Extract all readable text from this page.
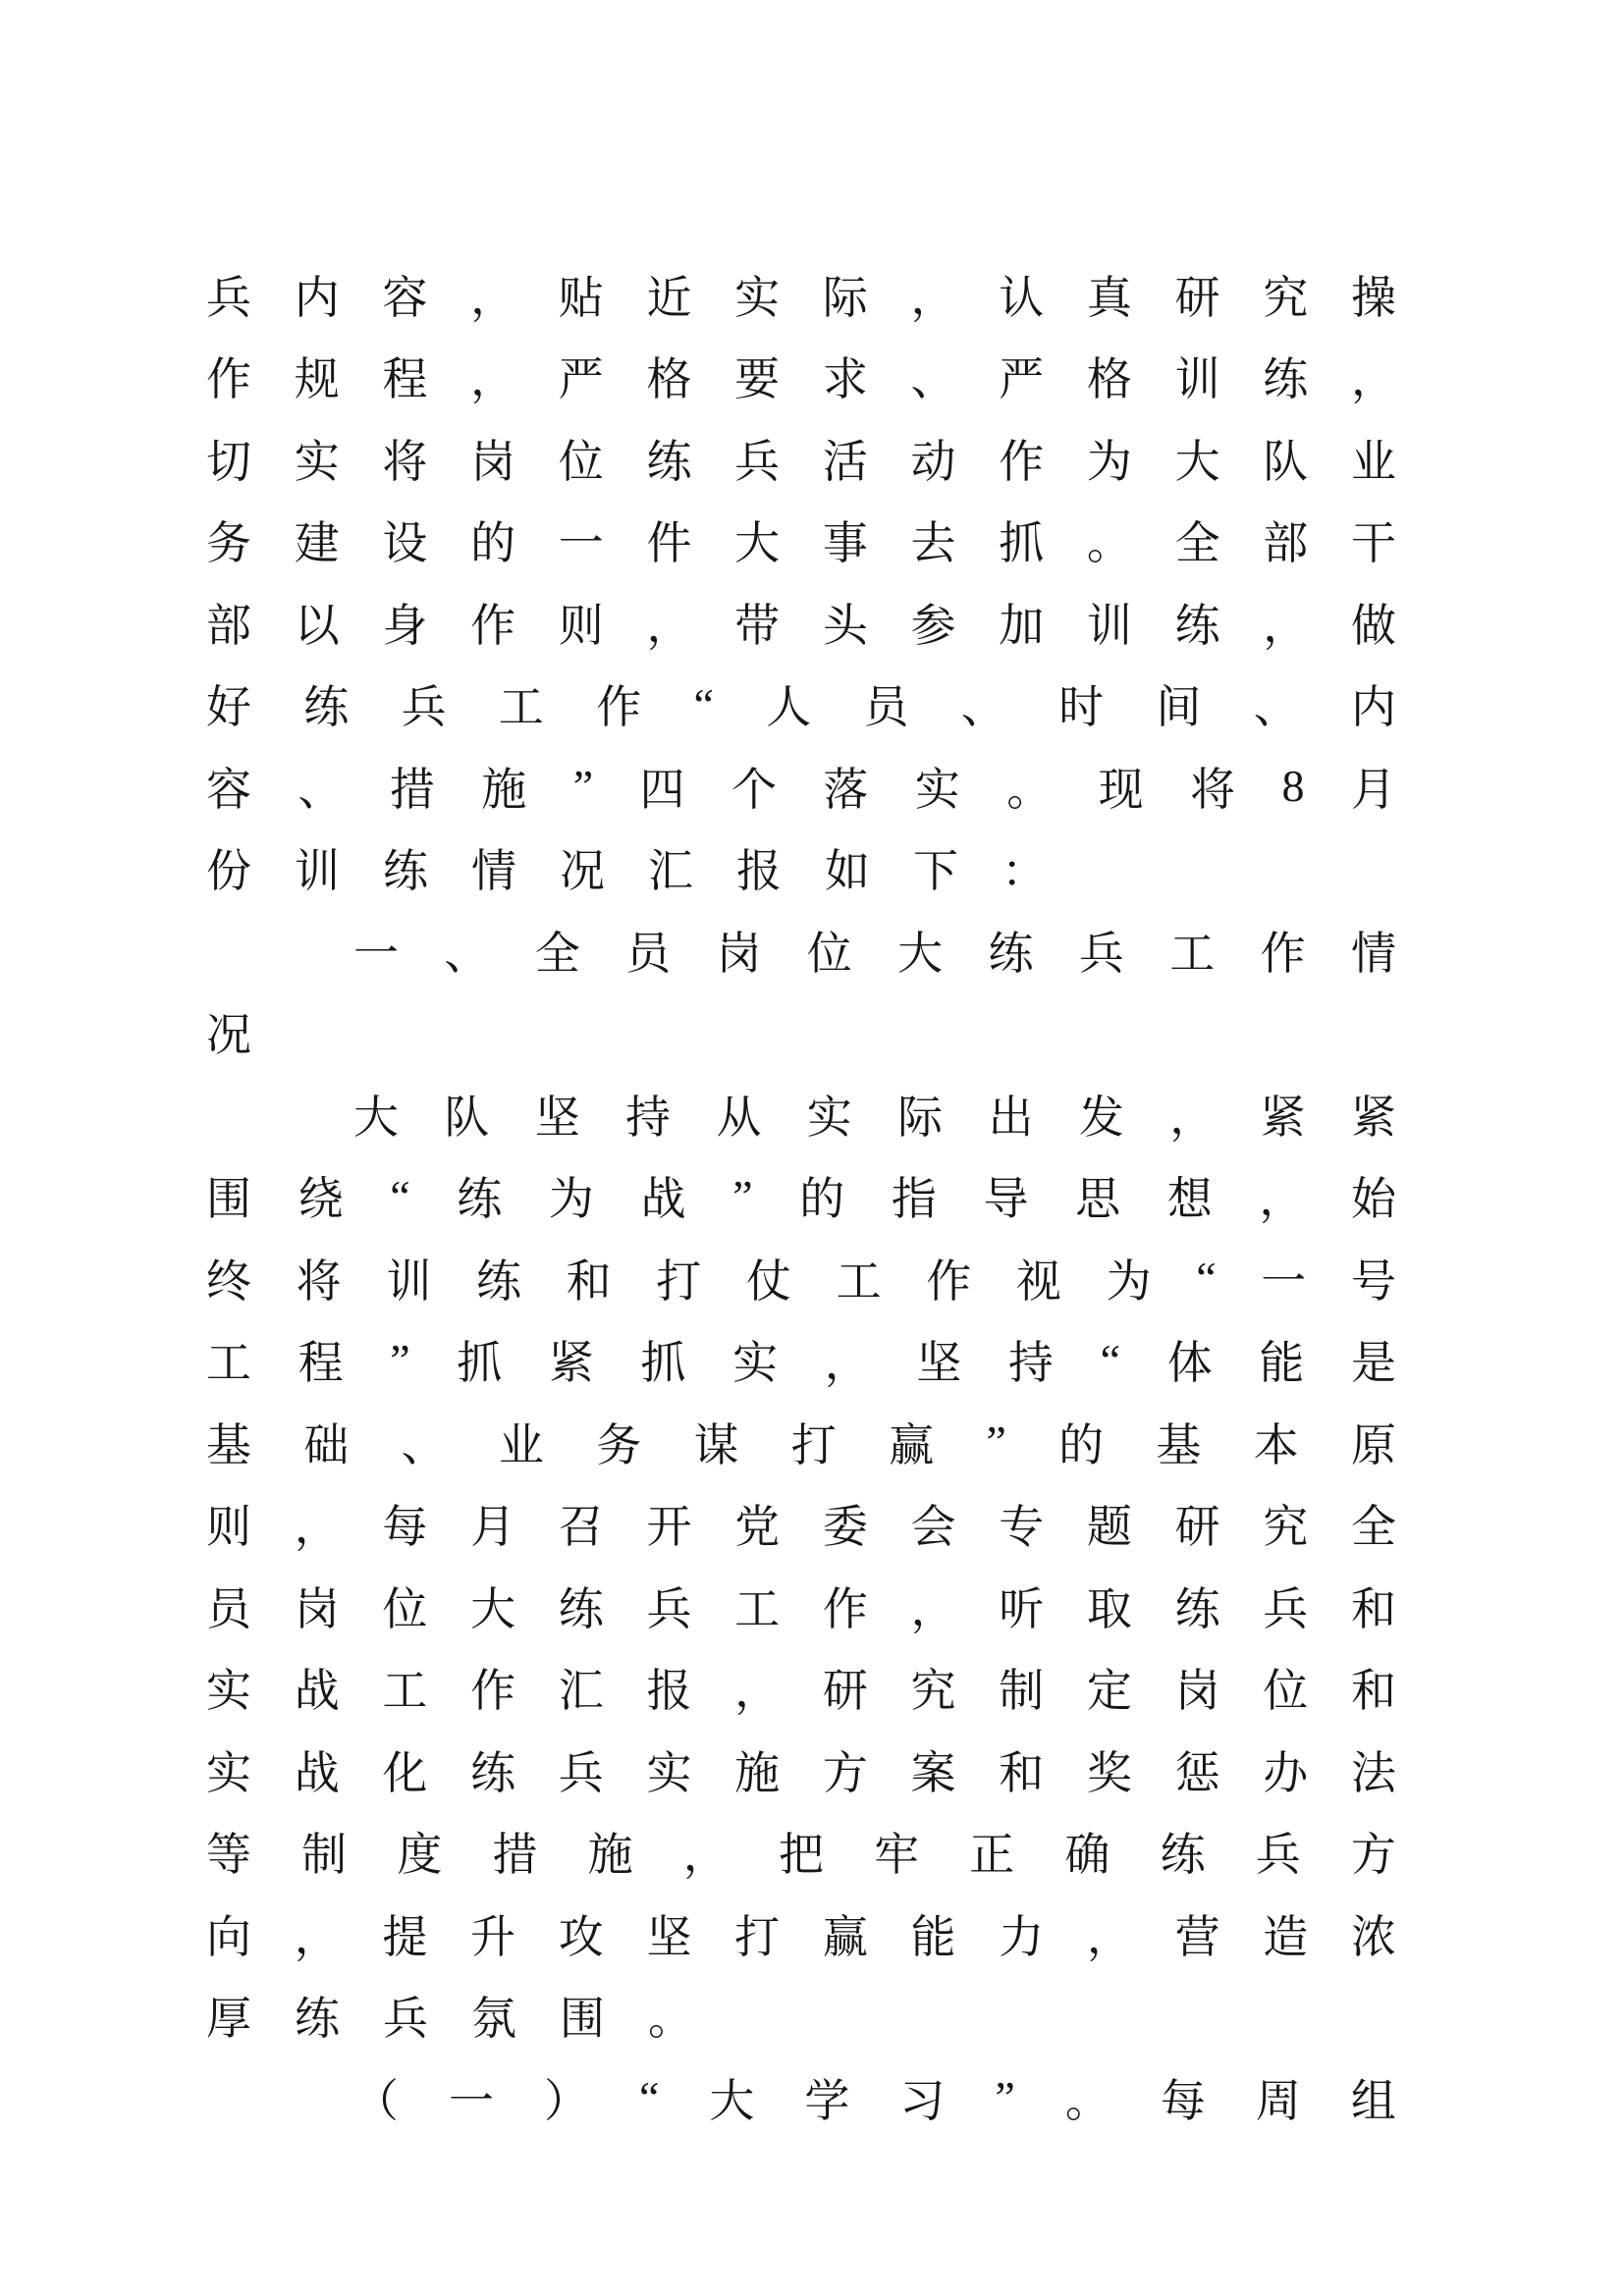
兵 内 容 ， 贴 近 实 际 ， 认 真 研 究 操
作 规 程 ， 严 格 要 求 、 严 格 训 练 ，
切 实 将 岗 位 练 兵 活 动 作 为 大 队 业
务 建 设 的 一 件 大 事 去 抓 。 全 部 干
部 以 身 作 则 ， 带 头 参 加 训 练 ， 做
好 练 兵 工 作 “ 人 员 、 时 间 、 内
容 、 措 施 ” 四 个 落 实 。 现 将 8 月
份 训 练 情 况 汇 报 如 下 ：
一 、 全 员 岗 位 大 练 兵 工 作 情
况
大 队 坚 持 从 实 际 出 发 ， 紧 紧
围 绕 “ 练 为 战 ” 的 指 导 思 想 ， 始
终 将 训 练 和 打 仗 工 作 视 为 “ 一 号
工 程 ” 抓 紧 抓 实 ， 坚 持 “ 体 能 是
基 础 、 业 务 谋 打 赢 ” 的 基 本 原
则 ， 每 月 召 开 党 委 会 专 题 研 究 全
员 岗 位 大 练 兵 工 作 ， 听 取 练 兵 和
实 战 工 作 汇 报 ， 研 究 制 定 岗 位 和
实 战 化 练 兵 实 施 方 案 和 奖 惩 办 法
等 制 度 措 施 ， 把 牢 正 确 练 兵 方
向 ， 提 升 攻 坚 打 赢 能 力 ， 营 造 浓
厚 练 兵 氛 围 。
（ 一 ） “ 大 学 习 ” 。 每 周 组
